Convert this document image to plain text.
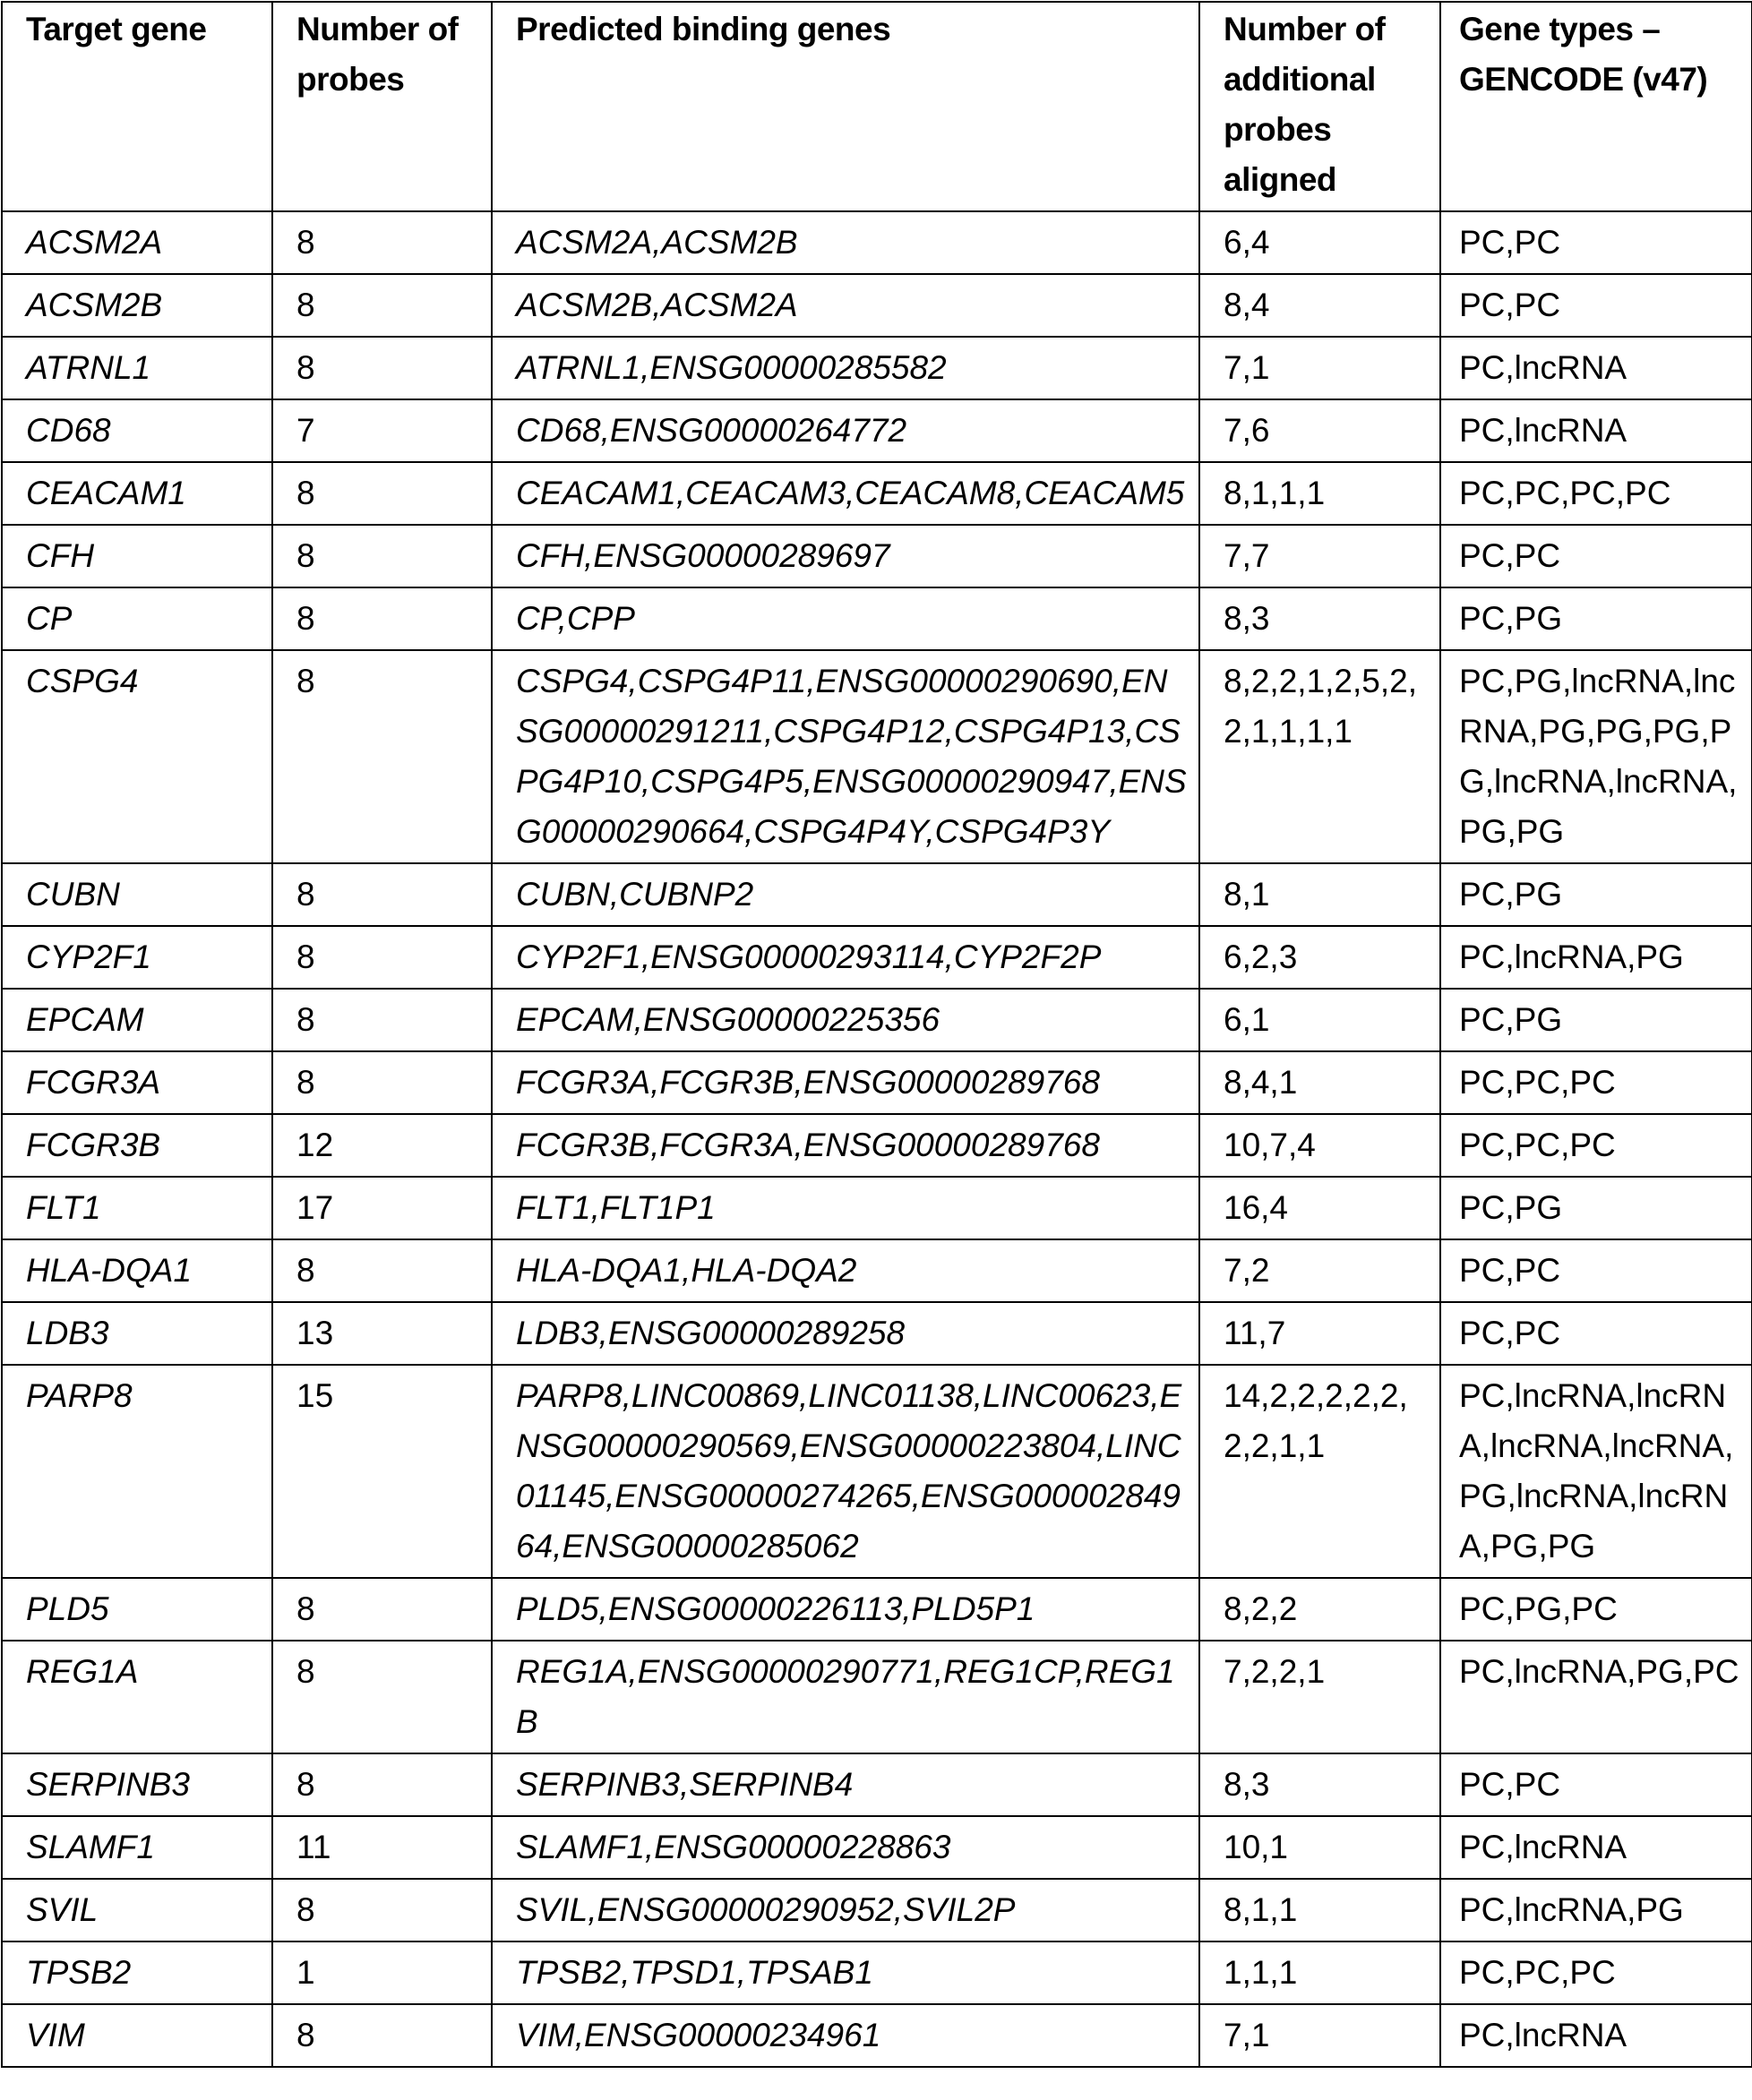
Target gene	Number of probes	Predicted binding genes	Number of additional probes aligned	Gene types – GENCODE (v47)
ACSM2A	8	ACSM2A,ACSM2B	6,4	PC,PC
ACSM2B	8	ACSM2B,ACSM2A	8,4	PC,PC
ATRNL1	8	ATRNL1,ENSG00000285582	7,1	PC,lncRNA
CD68	7	CD68,ENSG00000264772	7,6	PC,lncRNA
CEACAM1	8	CEACAM1,CEACAM3,CEACAM8,CEACAM5	8,1,1,1	PC,PC,PC,PC
CFH	8	CFH,ENSG00000289697	7,7	PC,PC
CP	8	CP,CPP	8,3	PC,PG
CSPG4	8	CSPG4,CSPG4P11,ENSG00000290690,ENSG00000291211,CSPG4P12,CSPG4P13,CSPG4P10,CSPG4P5,ENSG00000290947,ENSG00000290664,CSPG4P4Y,CSPG4P3Y	8,2,2,1,2,5,2,2,1,1,1,1	PC,PG,lncRNA,lncRNA,PG,PG,PG,PG,lncRNA,lncRNA,PG,PG
CUBN	8	CUBN,CUBNP2	8,1	PC,PG
CYP2F1	8	CYP2F1,ENSG00000293114,CYP2F2P	6,2,3	PC,lncRNA,PG
EPCAM	8	EPCAM,ENSG00000225356	6,1	PC,PG
FCGR3A	8	FCGR3A,FCGR3B,ENSG00000289768	8,4,1	PC,PC,PC
FCGR3B	12	FCGR3B,FCGR3A,ENSG00000289768	10,7,4	PC,PC,PC
FLT1	17	FLT1,FLT1P1	16,4	PC,PG
HLA-DQA1	8	HLA-DQA1,HLA-DQA2	7,2	PC,PC
LDB3	13	LDB3,ENSG00000289258	11,7	PC,PC
PARP8	15	PARP8,LINC00869,LINC01138,LINC00623,ENSG00000290569,ENSG00000223804,LINC01145,ENSG00000274265,ENSG00000284964,ENSG00000285062	14,2,2,2,2,2,2,2,1,1	PC,lncRNA,lncRNA,lncRNA,lncRNA,PG,lncRNA,lncRNA,PG,PG
PLD5	8	PLD5,ENSG00000226113,PLD5P1	8,2,2	PC,PG,PC
REG1A	8	REG1A,ENSG00000290771,REG1CP,REG1B	7,2,2,1	PC,lncRNA,PG,PC
SERPINB3	8	SERPINB3,SERPINB4	8,3	PC,PC
SLAMF1	11	SLAMF1,ENSG00000228863	10,1	PC,lncRNA
SVIL	8	SVIL,ENSG00000290952,SVIL2P	8,1,1	PC,lncRNA,PG
TPSB2	1	TPSB2,TPSD1,TPSAB1	1,1,1	PC,PC,PC
VIM	8	VIM,ENSG00000234961	7,1	PC,lncRNA
